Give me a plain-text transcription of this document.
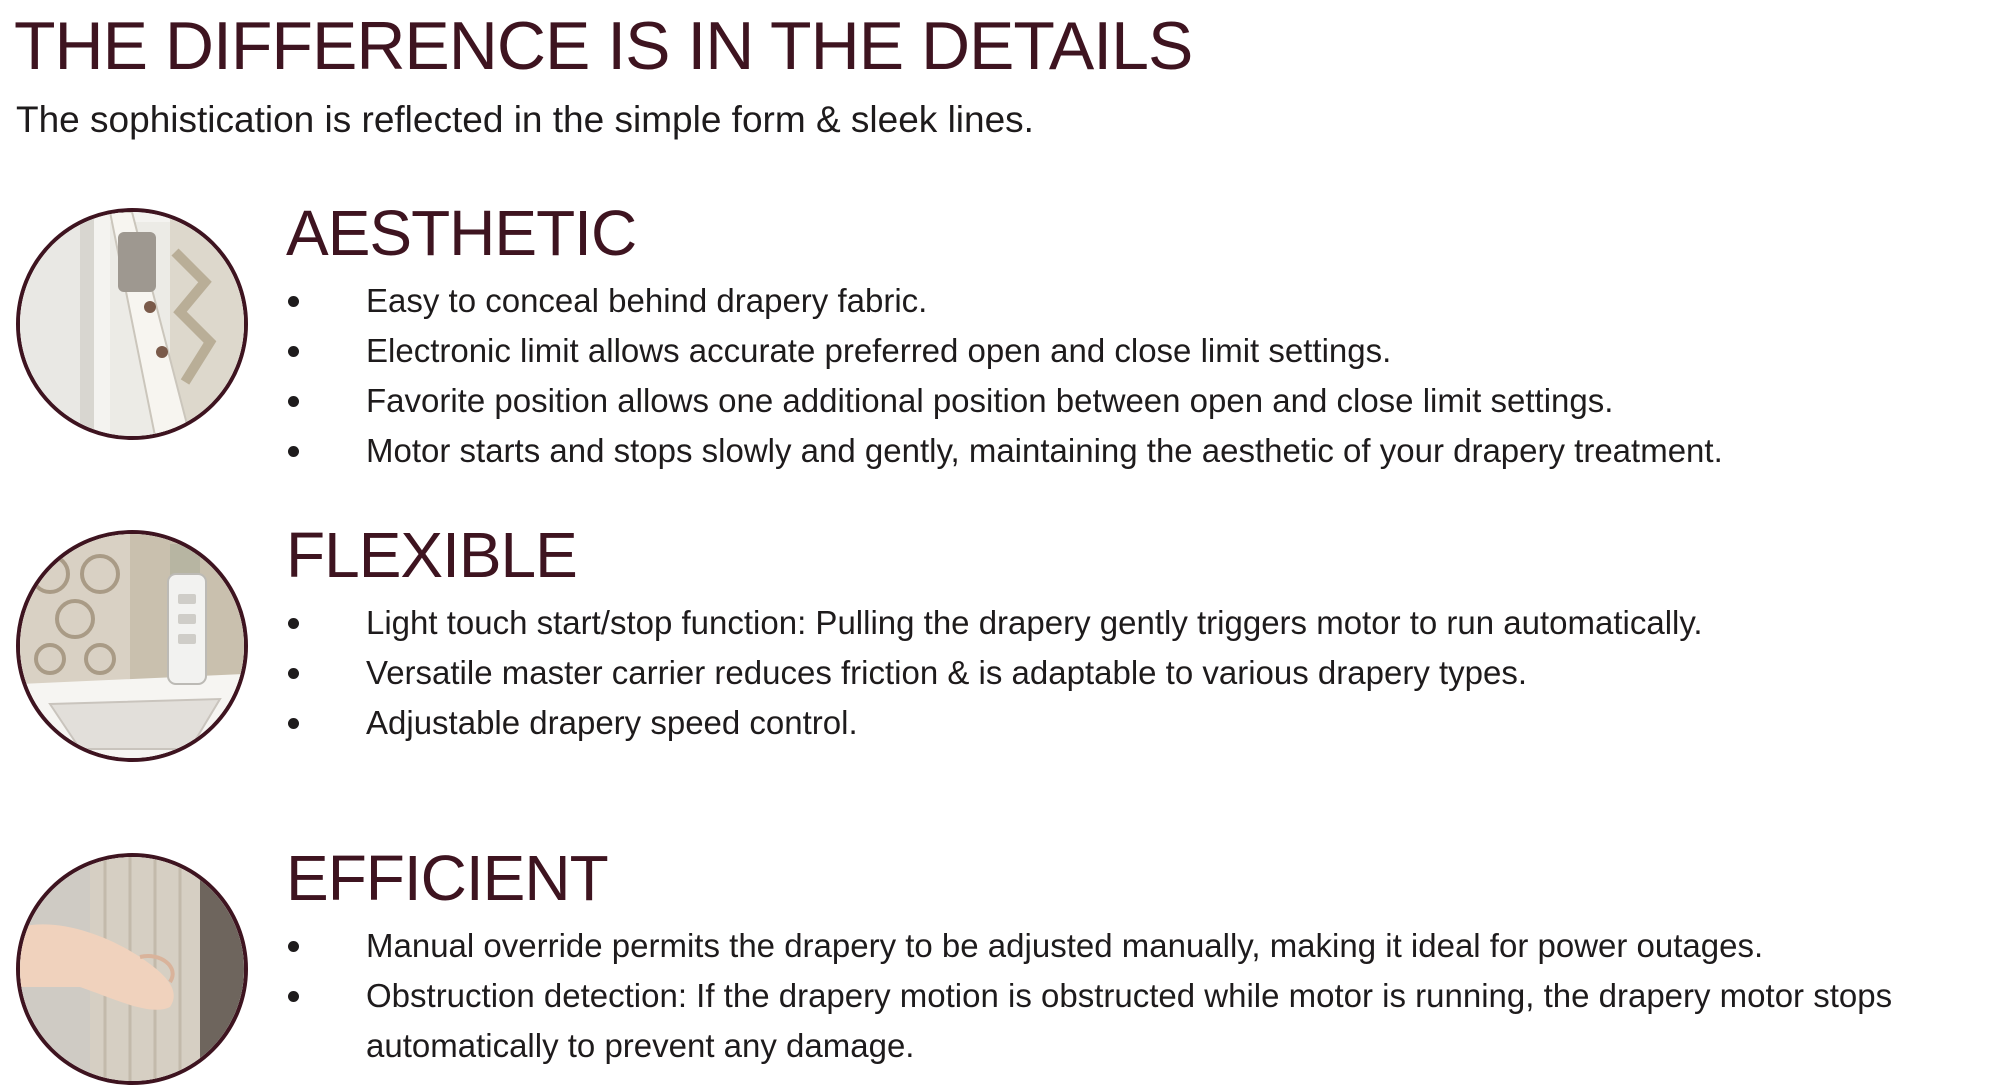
THE DIFFERENCE IS IN THE DETAILS
The sophistication is reflected in the simple form & sleek lines.
AESTHETIC
Easy to conceal behind drapery fabric.
Electronic limit allows accurate preferred open and close limit settings.
Favorite position allows one additional position between open and close limit settings.
Motor starts and stops slowly and gently, maintaining the aesthetic of your drapery treatment.
FLEXIBLE
Light touch start/stop function: Pulling the drapery gently triggers motor to run automatically.
Versatile master carrier reduces friction & is adaptable to various drapery types.
Adjustable drapery speed control.
EFFICIENT
Manual override permits the drapery to be adjusted manually, making it ideal for power outages.
Obstruction detection: If the drapery motion is obstructed while motor is running, the drapery motor stops automatically to prevent any damage.
